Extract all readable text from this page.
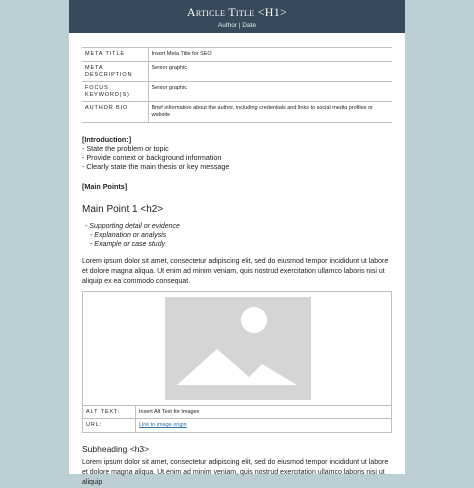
Article Title <H1>
Author | Date
META TITLE	Insert Meta Title for SEO
META DESCRIPTION	Senior graphic
FOCUS KEYWORD(S)	Senior graphic
AUTHOR BIO	Brief information about the author, including credentials and links to social media profiles or website
[Introduction:]
- State the problem or topic
- Provide context or background information
- Clearly state the main thesis or key message
[Main Points]
Main Point 1 <h2>
- Supporting detail or evidence
- Explanation or analysis
- Example or case study
Lorem ipsum dolor sit amet, consectetur adipiscing elit, sed do eiusmod tempor incididunt ut labore et dolore magna aliqua. Ut enim ad minim veniam, quis nostrud exercitation ullamco laboris nisi ut aliquip ex ea commodo consequat.
ALT TEXT:	Insert Alt Text for Images
URL:	Link to image origin
Subheading <h3>
Lorem ipsum dolor sit amet, consectetur adipiscing elit, sed do eiusmod tempor incididunt ut labore et dolore magna aliqua. Ut enim ad minim veniam, quis nostrud exercitation ullamco laboris nisi ut aliquip
